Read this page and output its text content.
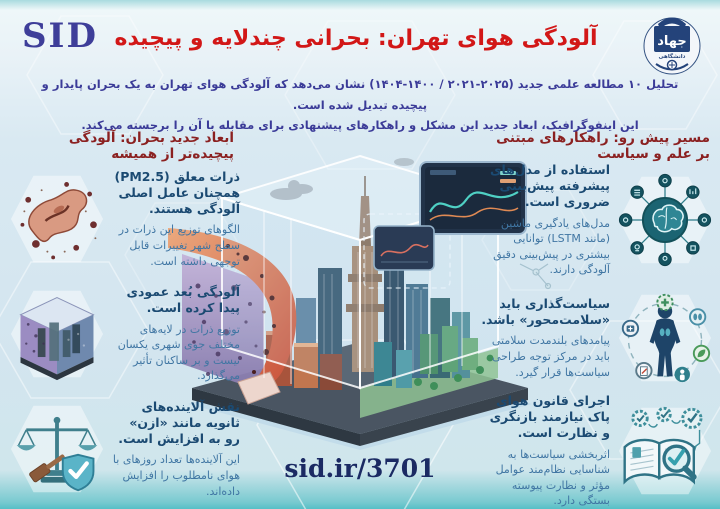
SID آلودگی هوای تهران: بحرانی چندلایه و پیچیده	جهاد
دانشگاهی
تحلیل ۱۰ مطالعه علمی جدید (۱۴۰۴-۱۴۰۰ / ۲۰۲۱-۲۰۲۵) نشان می‌دهد که آلودگی هوای تهران به یک بحران پایدار و پیچیده تبدیل شده است.
این اینفوگرافیک، ابعاد جدید این مشکل و راهکارهای پیشنهادی برای مقابله با آن را برجسته می‌کند.
ابعاد جدید بحران: آلودگی پیچیده‌تر از همیشه
مسیر پیش رو: راهکارهای مبتنی بر علم و سیاست
ذرات معلق (PM2.5) همچنان عامل اصلی آلودگی هستند.
الگوهای توزیع این ذرات در سطح شهر تغییرات قابل توجهی داشته است.
آلودگی بُعد عمودی پیدا کرده است.
توزیع ذرات در لایه‌های مختلف جوی شهری یکسان نیست و بر ساکنان تأثیر می‌گذارد.
نقش آلاینده‌های ثانویه مانند «ازن» رو به افزایش است.
این آلاینده‌ها تعداد روزهای با هوای نامطلوب را افزایش داده‌اند.
استفاده از مدل‌های پیشرفته پیش‌بینی ضروری است.
مدل‌های یادگیری ماشین (مانند LSTM) توانایی بیشتری در پیش‌بینی دقیق آلودگی دارند.
سیاست‌گذاری باید «سلامت‌محور» باشد.
پیامدهای بلندمدت سلامتی باید در مرکز توجه طراحی سیاست‌ها قرار گیرد.
اجرای قانون هوای پاک نیازمند بازنگری و نظارت است.
اثربخشی سیاست‌ها به شناسایی نظام‌مند عوامل مؤثر و نظارت پیوسته بستگی دارد.
sid.ir/3701
